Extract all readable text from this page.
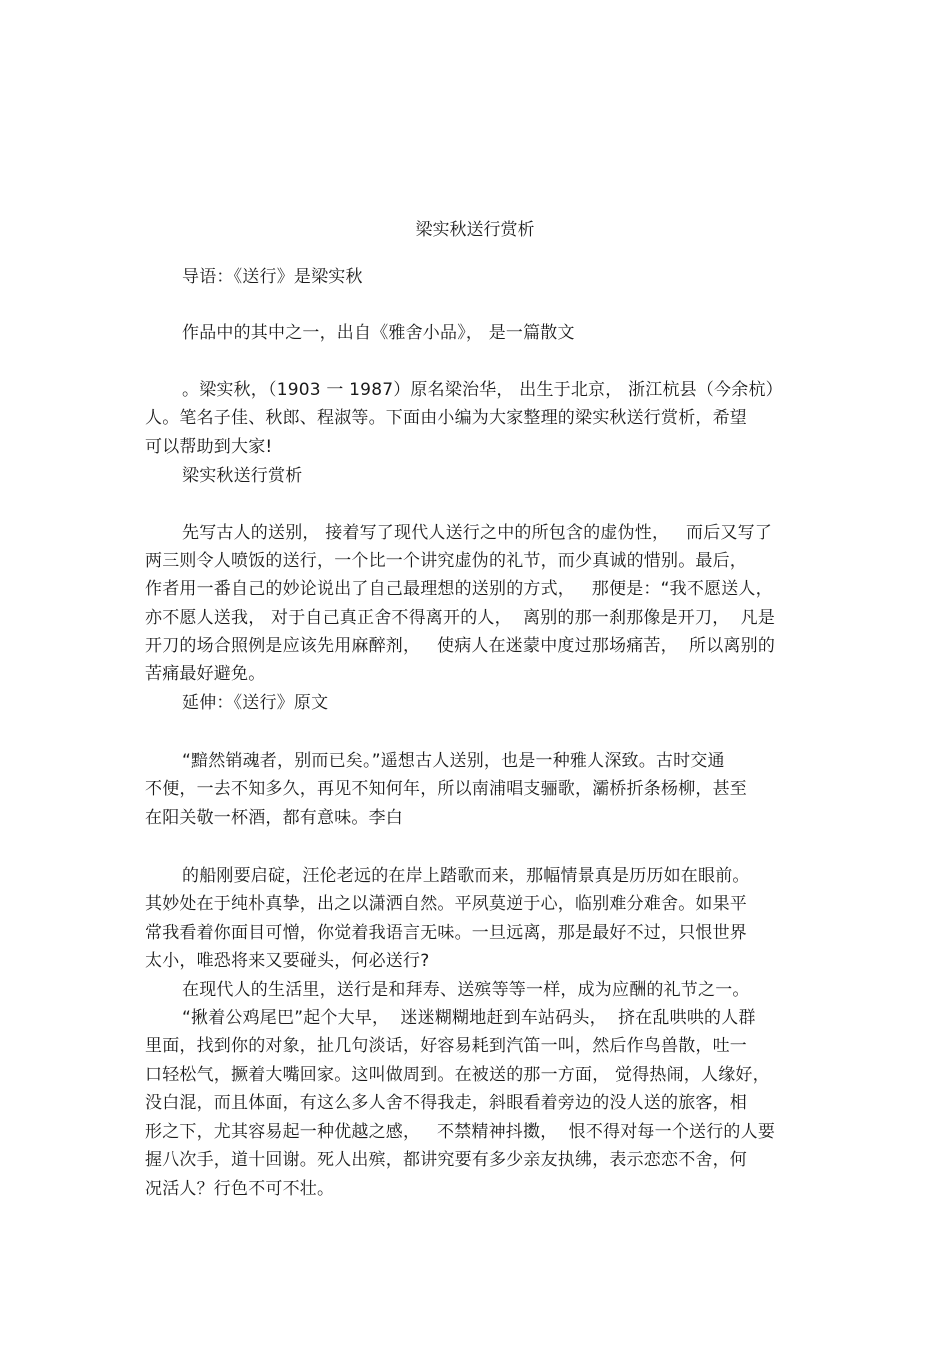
梁实秋送行赏析
导语：《送行》是梁实秋
作品中的其中之一，出自《雅舍小品》， 是一篇散文
。梁实秋，（1903 一 1987）原名梁治华， 出生于北京， 浙江杭县（今余杭）
人。笔名子佳、秋郎、程淑等。下面由小编为大家整理的梁实秋送行赏析，希望
可以帮助到大家!
梁实秋送行赏析
先写古人的送别， 接着写了现代人送行之中的所包含的虚伪性，   而后又写了
两三则令人喷饭的送行，一个比一个讲究虚伪的礼节，而少真诚的惜别。最后，
作者用一番自己的妙论说出了自己最理想的送别的方式，   那便是：“我不愿送人，
亦不愿人送我， 对于自己真正舍不得离开的人，  离别的那一刹那像是开刀，  凡是
开刀的场合照例是应该先用麻醉剂，   使病人在迷蒙中度过那场痛苦，  所以离别的
苦痛最好避免。
延伸：《送行》原文
“黯然销魂者，别而已矣。”遥想古人送别，也是一种雅人深致。古时交通
不便，一去不知多久，再见不知何年，所以南浦唱支骊歌，灞桥折条杨柳，甚至
在阳关敬一杯酒，都有意味。李白
的船刚要启碇，汪伦老远的在岸上踏歌而来，那幅情景真是历历如在眼前。
其妙处在于纯朴真挚，出之以潇洒自然。平夙莫逆于心，临别难分难舍。如果平
常我看着你面目可憎，你觉着我语言无味。一旦远离，那是最好不过，只恨世界
太小，唯恐将来又要碰头，何必送行?
在现代人的生活里，送行是和拜寿、送殡等等一样，成为应酬的礼节之一。
“揪着公鸡尾巴”起个大早，  迷迷糊糊地赶到车站码头，  挤在乱哄哄的人群
里面，找到你的对象，扯几句淡话，好容易耗到汽笛一叫，然后作鸟兽散，吐一
口轻松气，撅着大嘴回家。这叫做周到。在被送的那一方面， 觉得热闹，人缘好，
没白混，而且体面，有这么多人舍不得我走，斜眼看着旁边的没人送的旅客，相
形之下，尤其容易起一种优越之感，   不禁精神抖擞，  恨不得对每一个送行的人要
握八次手，道十回谢。死人出殡，都讲究要有多少亲友执绋，表示恋恋不舍，何
况活人？行色不可不壮。
